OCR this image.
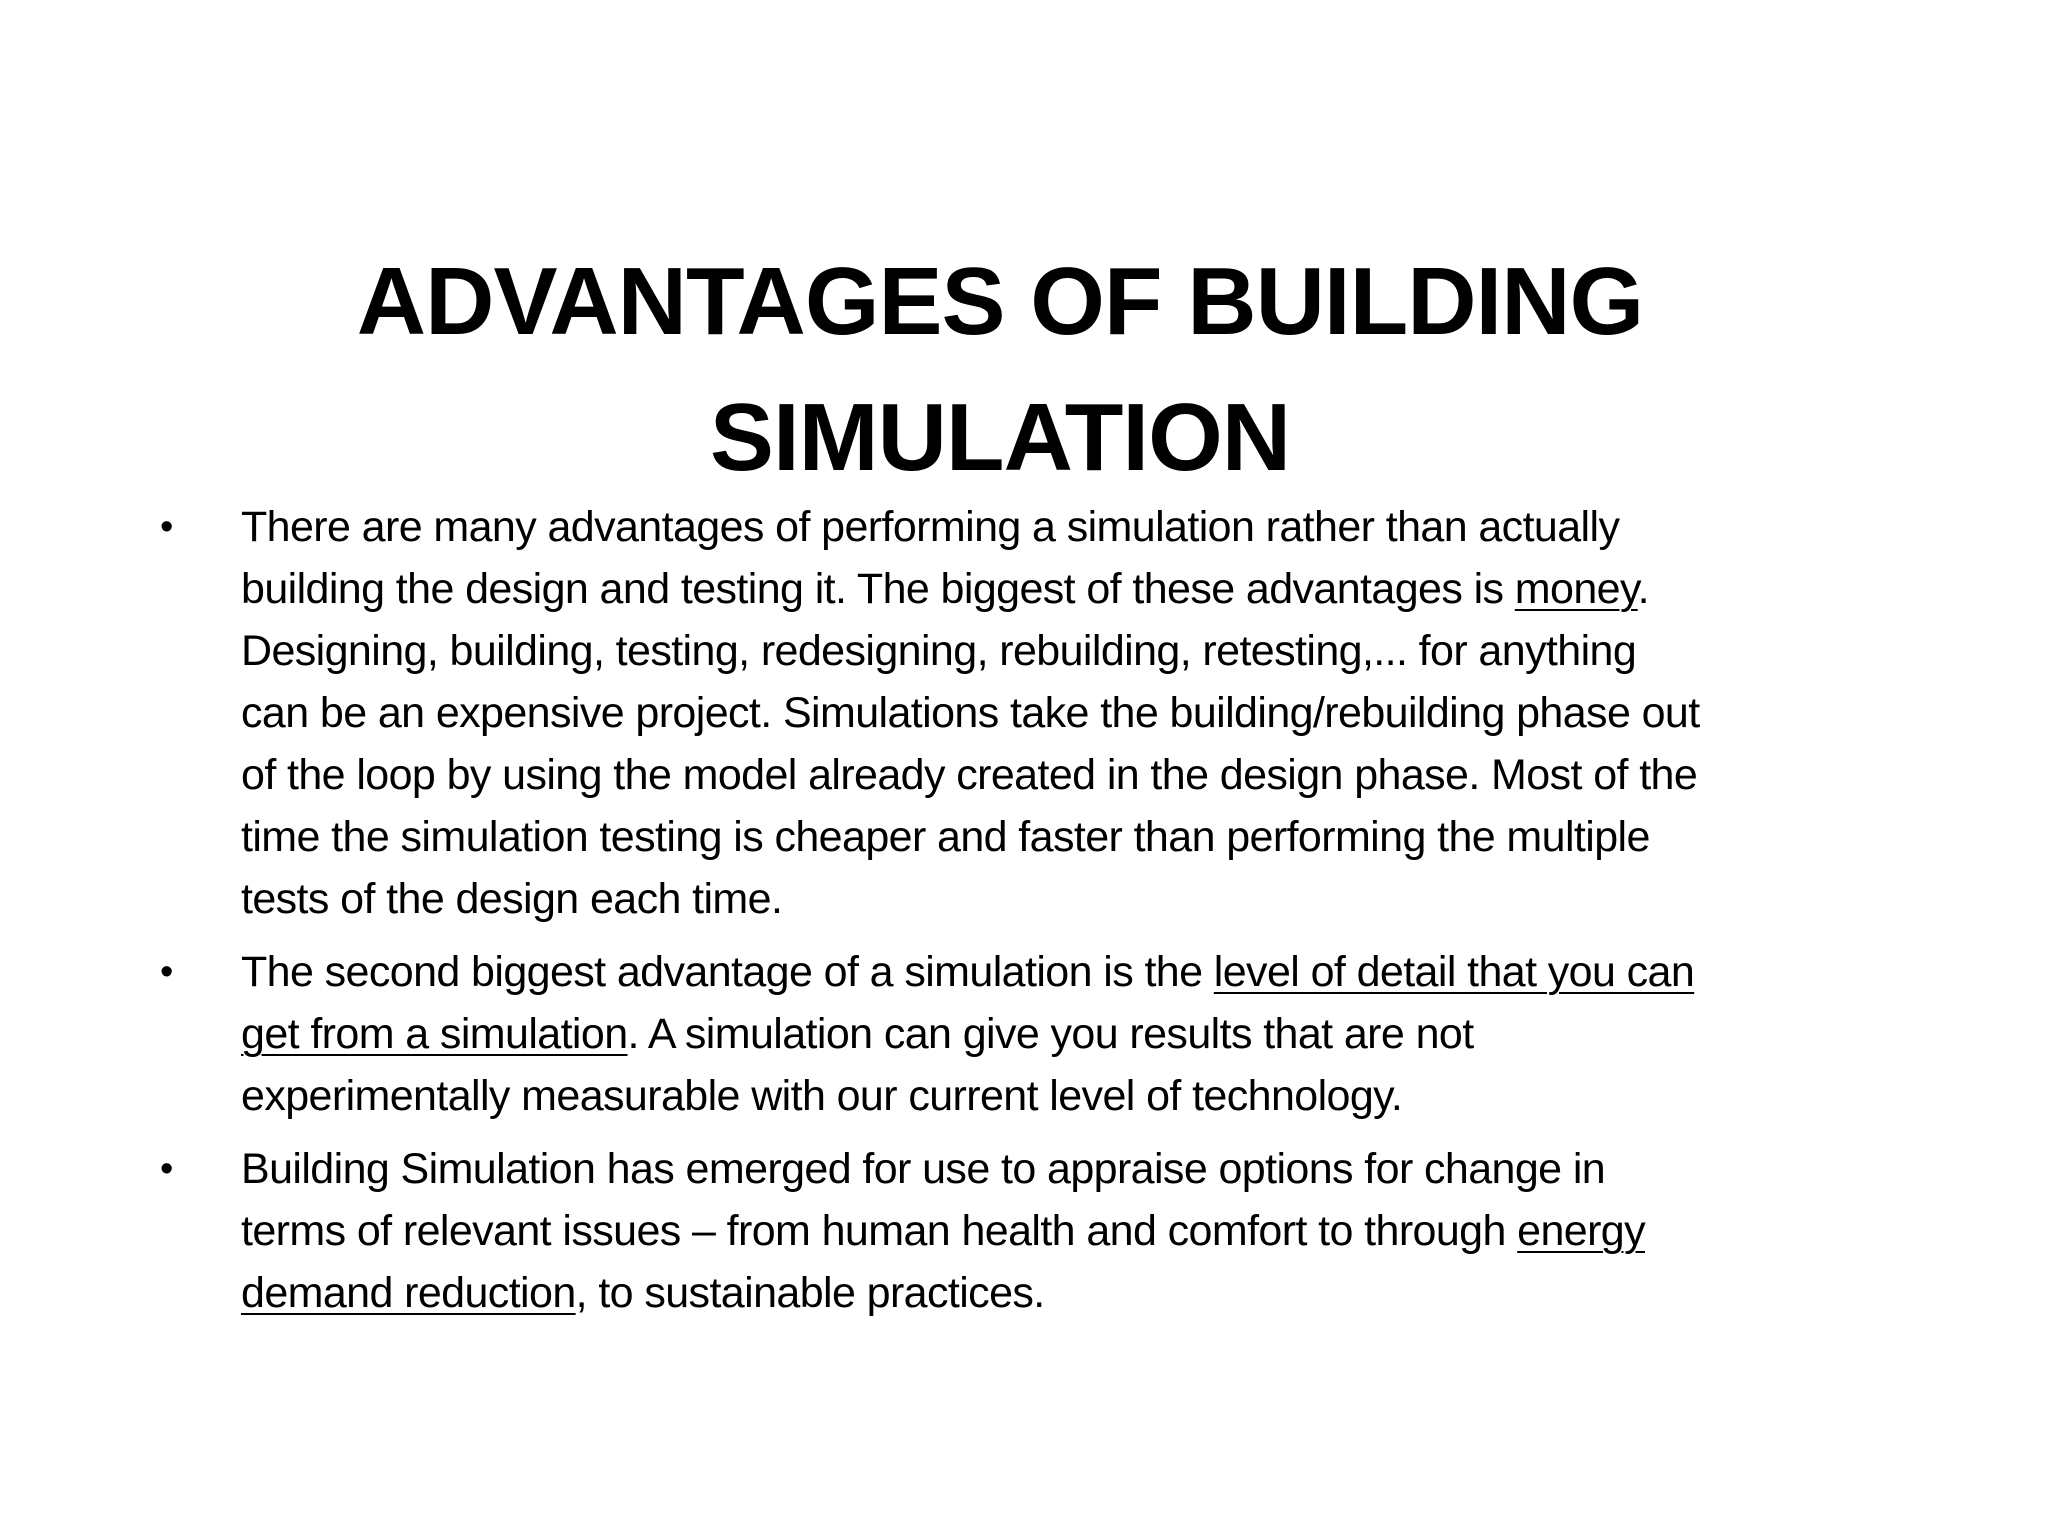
ADVANTAGES OF BUILDING
SIMULATION
• There are many advantages of performing a simulation rather than actually building the design and testing it. The biggest of these advantages is money. Designing, building, testing, redesigning, rebuilding, retesting,... for anything can be an expensive project. Simulations take the building/rebuilding phase out of the loop by using the model already created in the design phase. Most of the time the simulation testing is cheaper and faster than performing the multiple tests of the design each time.
• The second biggest advantage of a simulation is the level of detail that you can get from a simulation. A simulation can give you results that are not experimentally measurable with our current level of technology.
• Building Simulation has emerged for use to appraise options for change in terms of relevant issues – from human health and comfort to through energy demand reduction, to sustainable practices.
